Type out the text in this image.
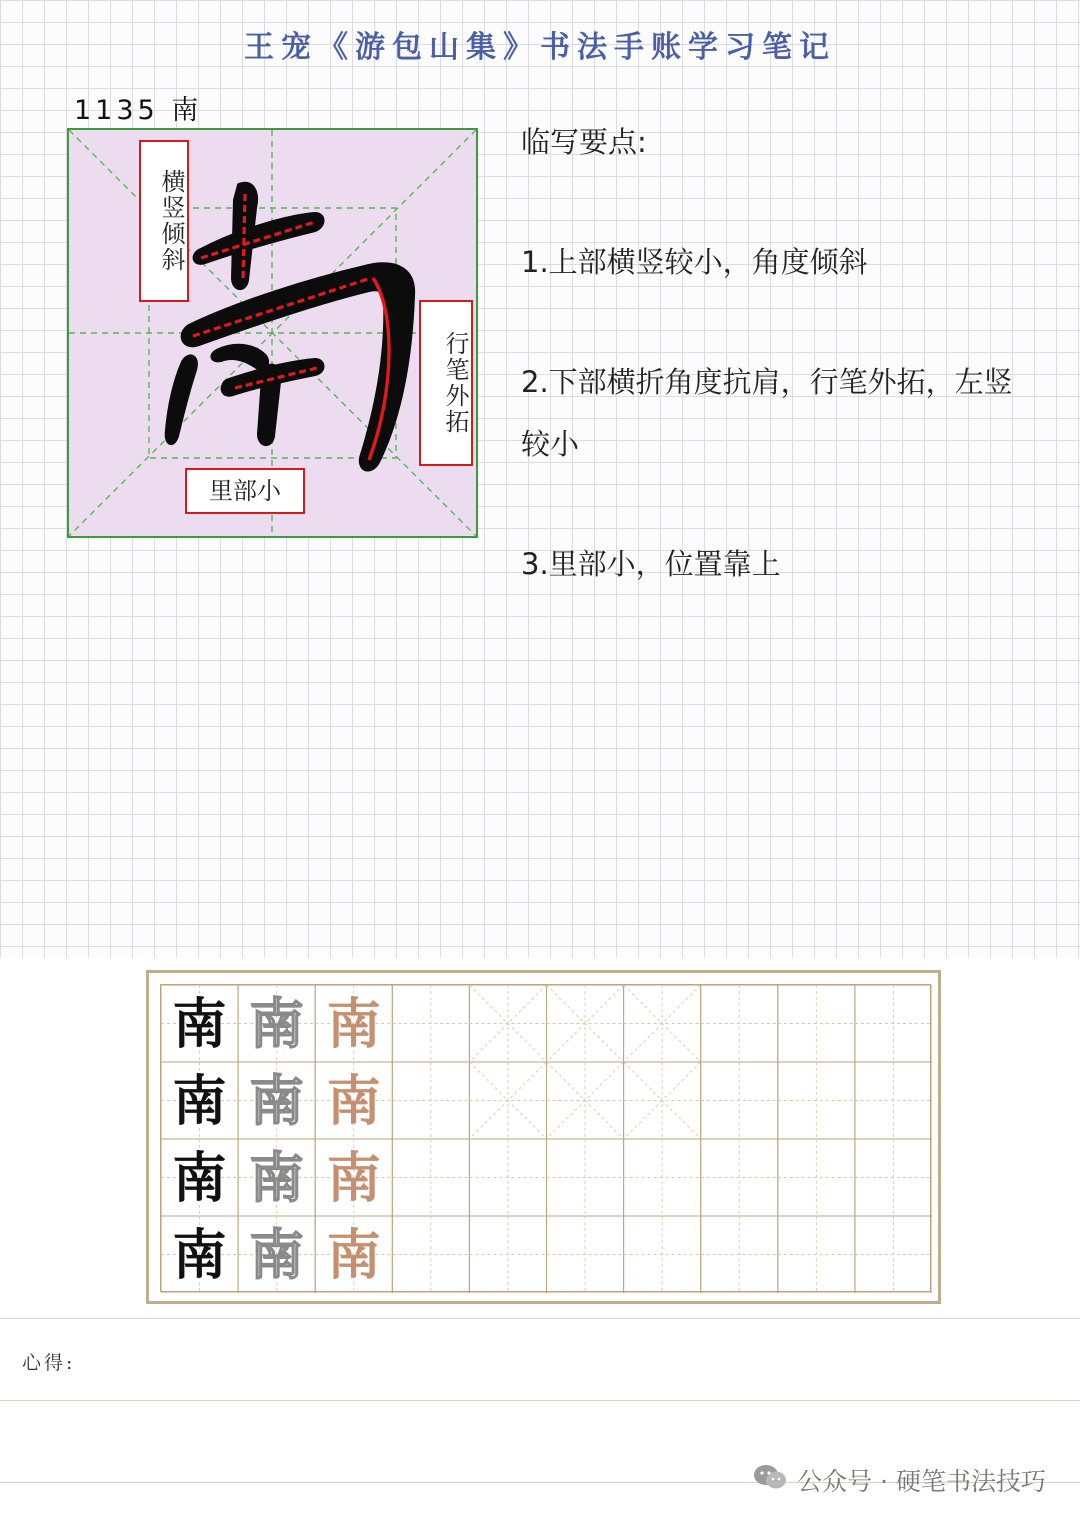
王宠《游包山集》书法手账学习笔记
1135 南
横竖倾斜
行笔外拓
里部小
临写要点:
1.上部横竖较小，角度倾斜
2.下部横折角度抗肩，行笔外拓，左竖较小
3.里部小，位置靠上
南 南 南
南 南 南
南 南 南
南 南 南
心得:
公众号 · 硬笔书法技巧
